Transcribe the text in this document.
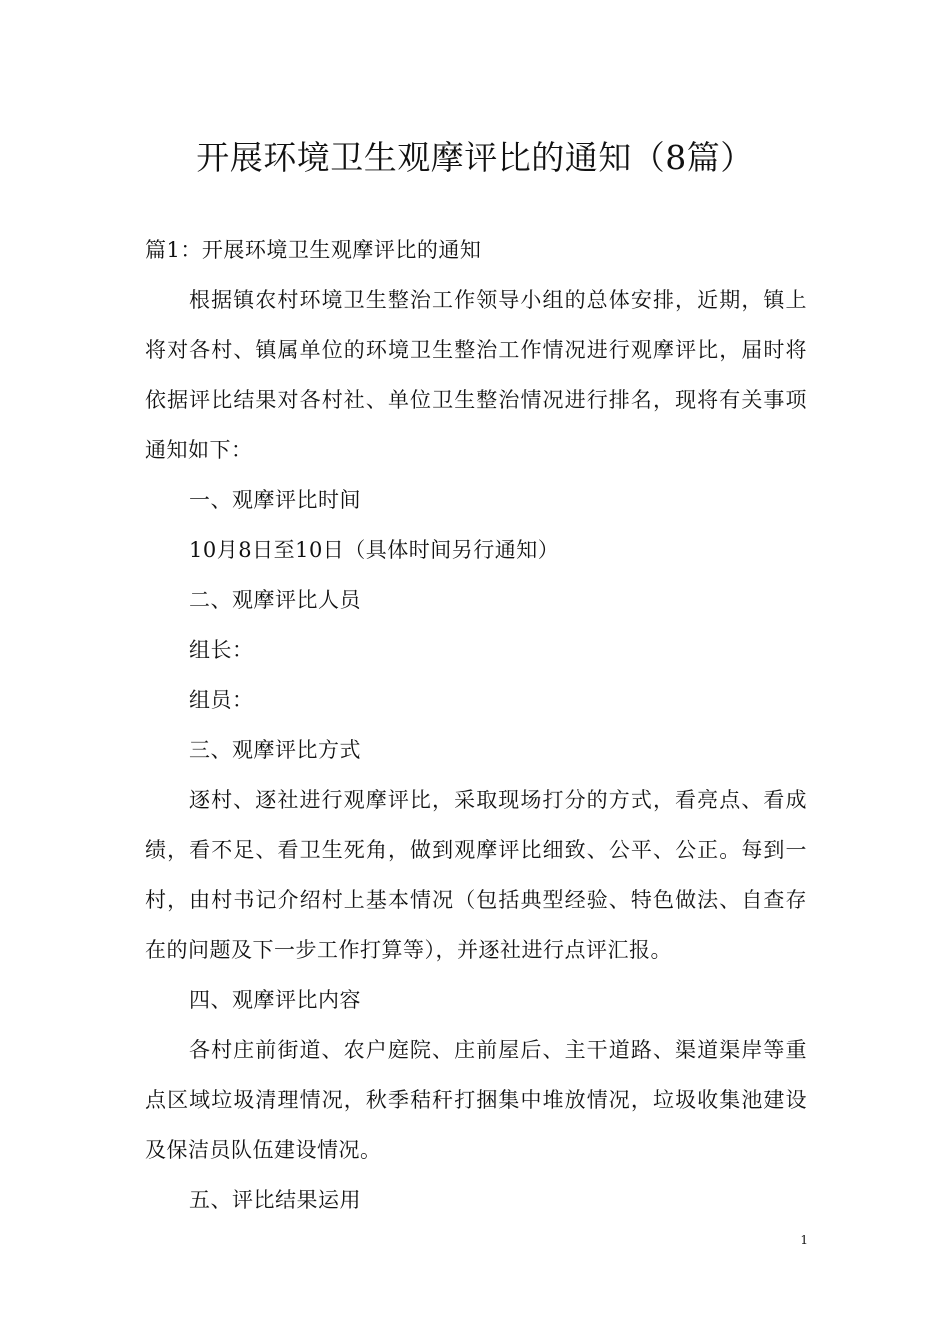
开展环境卫生观摩评比的通知（8篇）

篇1：开展环境卫生观摩评比的通知

根据镇农村环境卫生整治工作领导小组的总体安排，近期，镇上将对各村、镇属单位的环境卫生整治工作情况进行观摩评比，届时将依据评比结果对各村社、单位卫生整治情况进行排名，现将有关事项通知如下：

一、观摩评比时间

10月8日至10日（具体时间另行通知）

二、观摩评比人员

组长：

组员：

三、观摩评比方式

逐村、逐社进行观摩评比，采取现场打分的方式，看亮点、看成绩，看不足、看卫生死角，做到观摩评比细致、公平、公正。每到一村，由村书记介绍村上基本情况（包括典型经验、特色做法、自查存在的问题及下一步工作打算等），并逐社进行点评汇报。

四、观摩评比内容

各村庄前街道、农户庭院、庄前屋后、主干道路、渠道渠岸等重点区域垃圾清理情况，秋季秸秆打捆集中堆放情况，垃圾收集池建设及保洁员队伍建设情况。

五、评比结果运用

1
